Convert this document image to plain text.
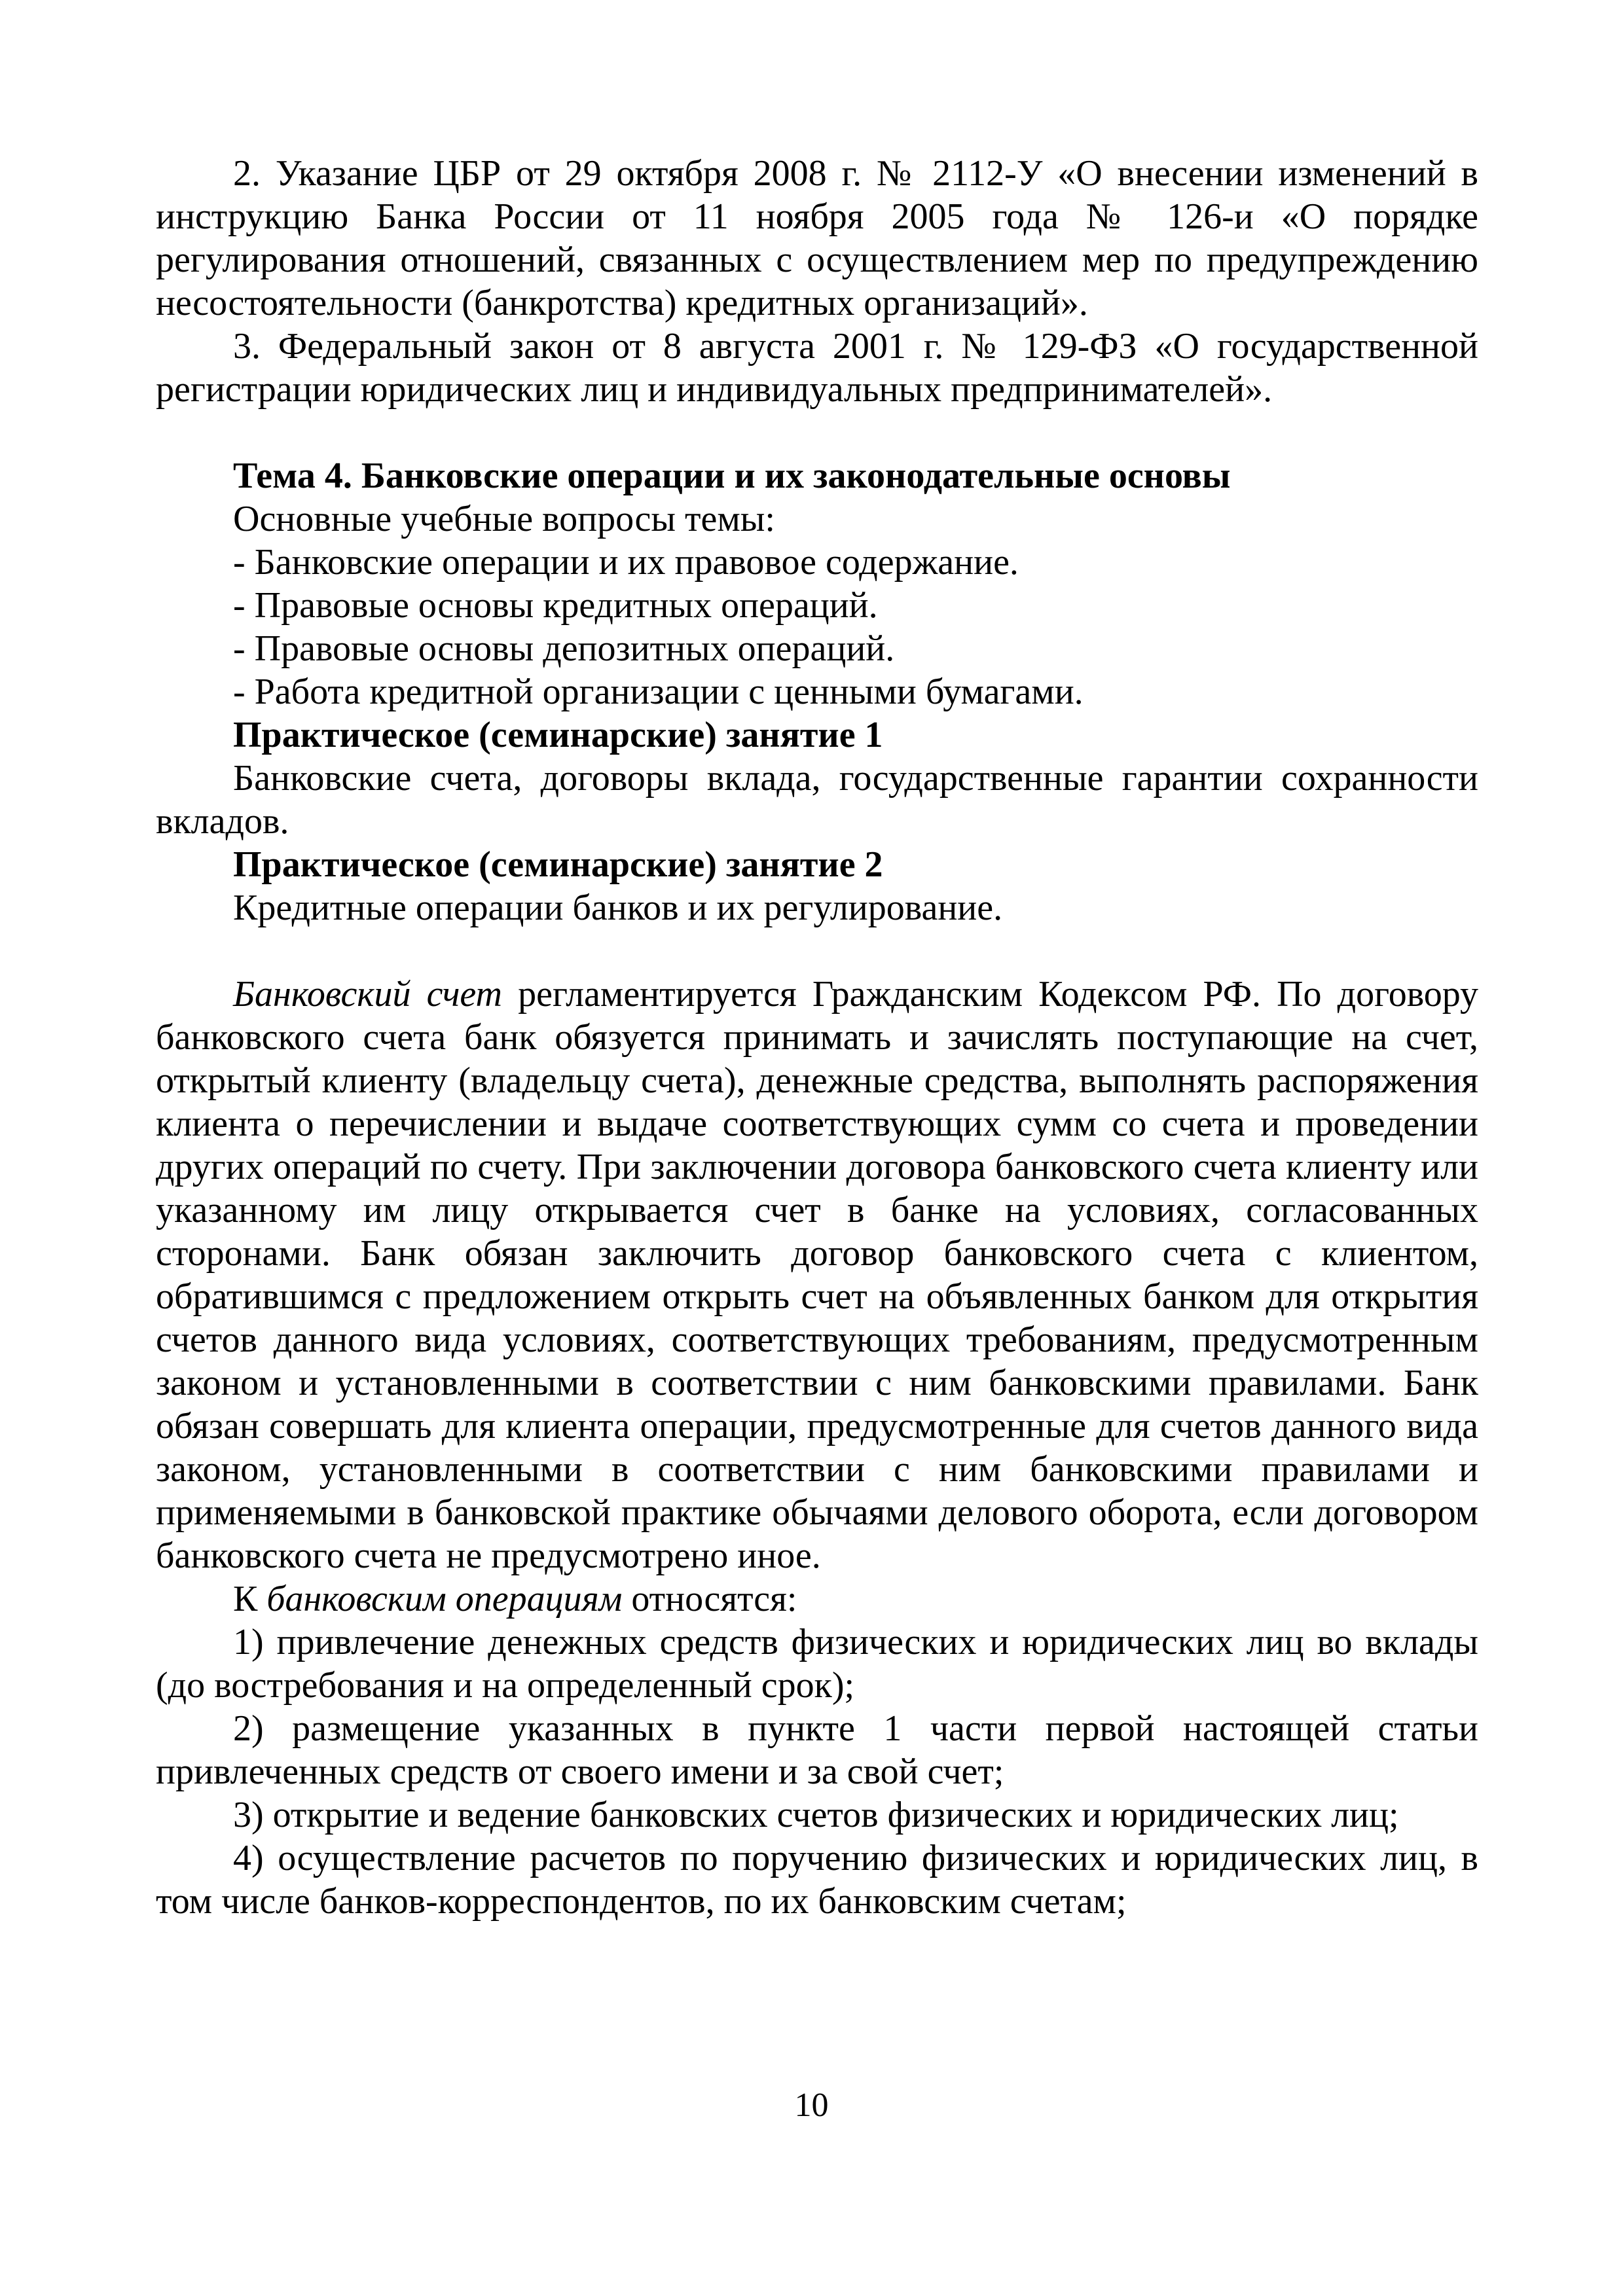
2. Указание ЦБР от 29 октября 2008 г. № 2112-У «О внесении изменений в инструкцию Банка России от 11 ноября 2005 года № 126-и «О порядке регулирования отношений, связанных с осуществлением мер по предупреждению несостоятельности (банкротства) кредитных организаций».

3. Федеральный закон от 8 августа 2001 г. № 129-ФЗ «О государственной регистрации юридических лиц и индивидуальных предпринимателей».

Тема 4. Банковские операции и их законодательные основы

Основные учебные вопросы темы:

- Банковские операции и их правовое содержание.

- Правовые основы кредитных операций.

- Правовые основы депозитных операций.

- Работа кредитной организации с ценными бумагами.

Практическое (семинарские) занятие 1

Банковские счета, договоры вклада, государственные гарантии сохранности вкладов.

Практическое (семинарские) занятие 2

Кредитные операции банков и их регулирование.

Банковский счет регламентируется Гражданским Кодексом РФ. По договору банковского счета банк обязуется принимать и зачислять поступающие на счет, открытый клиенту (владельцу счета), денежные средства, выполнять распоряжения клиента о перечислении и выдаче соответствующих сумм со счета и проведении других операций по счету. При заключении договора банковского счета клиенту или указанному им лицу открывается счет в банке на условиях, согласованных сторонами. Банк обязан заключить договор банковского счета с клиентом, обратившимся с предложением открыть счет на объявленных банком для открытия счетов данного вида условиях, соответствующих требованиям, предусмотренным законом и установленными в соответствии с ним банковскими правилами. Банк обязан совершать для клиента операции, предусмотренные для счетов данного вида законом, установленными в соответствии с ним банковскими правилами и применяемыми в банковской практике обычаями делового оборота, если договором банковского счета не предусмотрено иное.

К банковским операциям относятся:

1) привлечение денежных средств физических и юридических лиц во вклады (до востребования и на определенный срок);

2) размещение указанных в пункте 1 части первой настоящей статьи привлеченных средств от своего имени и за свой счет;

3) открытие и ведение банковских счетов физических и юридических лиц;

4) осуществление расчетов по поручению физических и юридических лиц, в том числе банков-корреспондентов, по их банковским счетам;

10
